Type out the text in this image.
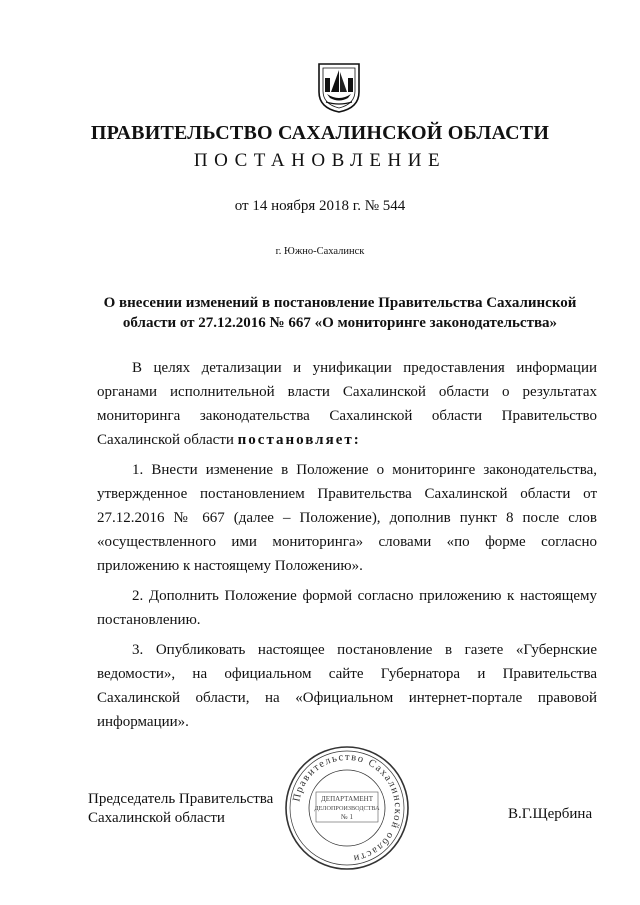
ПРАВИТЕЛЬСТВО САХАЛИНСКОЙ ОБЛАСТИ
ПОСТАНОВЛЕНИЕ
от 14 ноября 2018 г. № 544
г. Южно-Сахалинск
О внесении изменений в постановление Правительства Сахалинской
области от 27.12.2016 № 667 «О мониторинге законодательства»

В целях детализации и унификации предоставления информации органами исполнительной власти Сахалинской области о результатах мониторинга законодательства Сахалинской области Правительство Сахалинской области постановляет:

1. Внести изменение в Положение о мониторинге законодательства, утвержденное постановлением Правительства Сахалинской области от 27.12.2016 № 667 (далее – Положение), дополнив пункт 8 после слов «осуществленного ими мониторинга» словами «по форме согласно приложению к настоящему Положению».

2. Дополнить Положение формой согласно приложению к настоящему постановлению.

3. Опубликовать настоящее постановление в газете «Губернские ведомости», на официальном сайте Губернатора и Правительства Сахалинской области, на «Официальном интернет-портале правовой информации».

Председатель Правительства
Сахалинской области	В.Г.Щербина
Правительство Сахалинской области
ДЕПАРТАМЕНТ
ДЕЛОПРОИЗВОДСТВА
№ 1
